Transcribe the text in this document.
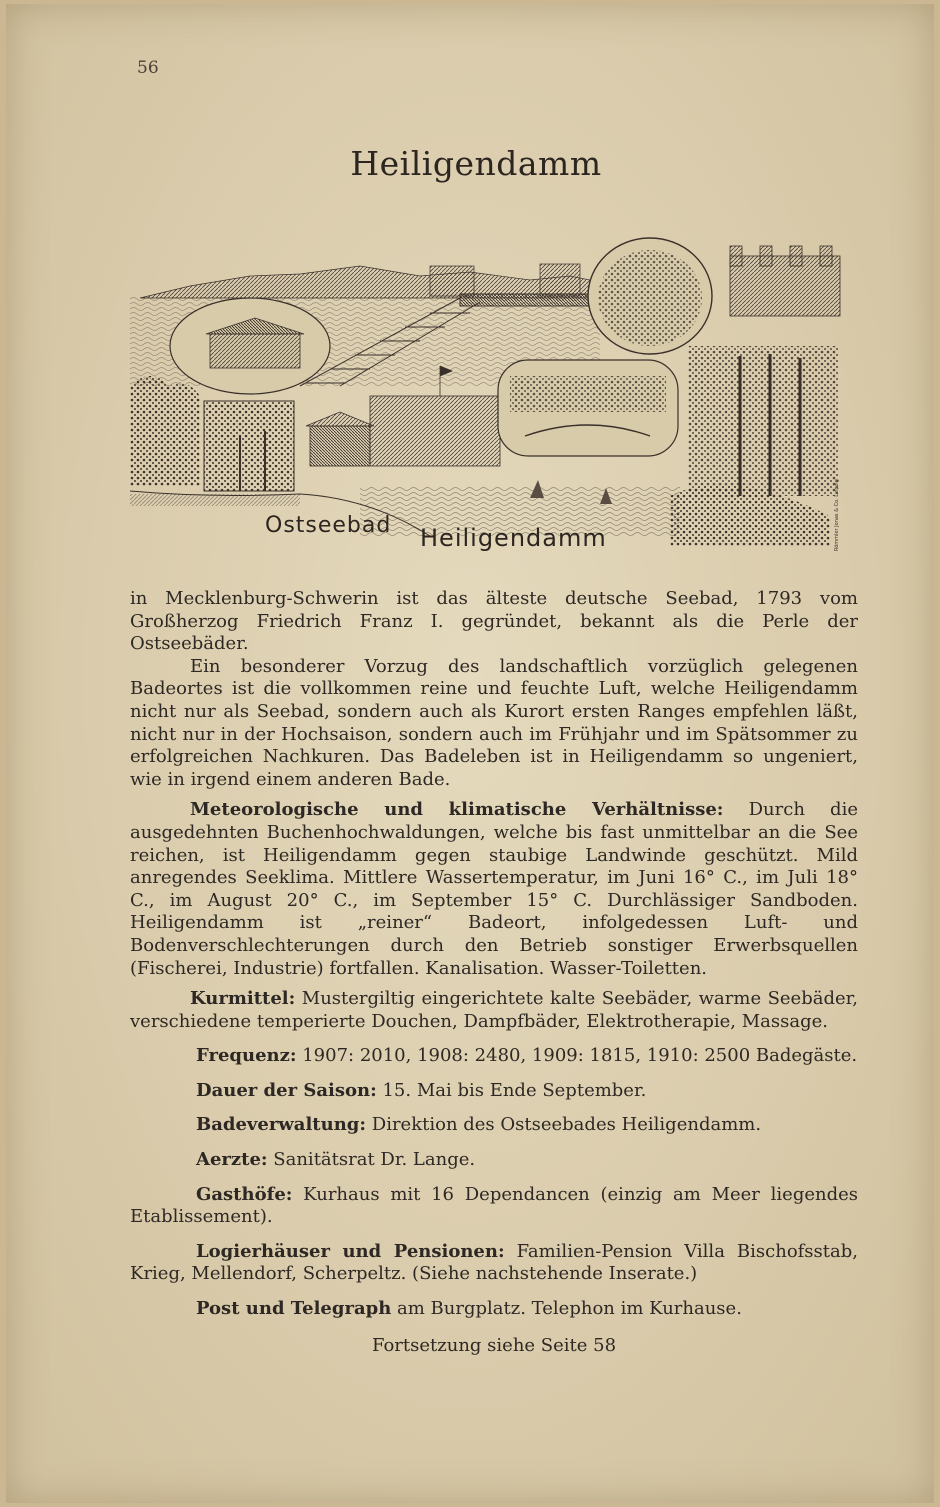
56
Heiligendamm
Ostseebad Heiligendamm	Römmler Jonas & Co. Leipzig

in Mecklenburg-Schwerin ist das älteste deutsche Seebad, 1793 vom Großherzog Friedrich Franz I. gegründet, bekannt als die Perle der Ostseebäder.

Ein besonderer Vorzug des landschaftlich vorzüglich gelegenen Badeortes ist die vollkommen reine und feuchte Luft, welche Heiligendamm nicht nur als Seebad, sondern auch als Kurort ersten Ranges empfehlen läßt, nicht nur in der Hochsaison, sondern auch im Frühjahr und im Spätsommer zu erfolgreichen Nachkuren. Das Badeleben ist in Heiligendamm so ungeniert, wie in irgend einem anderen Bade.

Meteorologische und klimatische Verhältnisse: Durch die ausgedehnten Buchenhochwaldungen, welche bis fast unmittelbar an die See reichen, ist Heiligendamm gegen staubige Landwinde geschützt. Mild anregendes Seeklima. Mittlere Wassertemperatur, im Juni 16° C., im Juli 18° C., im August 20° C., im September 15° C. Durchlässiger Sandboden. Heiligendamm ist „reiner“ Badeort, infolgedessen Luft- und Bodenverschlechterungen durch den Betrieb sonstiger Erwerbsquellen (Fischerei, Industrie) fortfallen. Kanalisation. Wasser-Toiletten.

Kurmittel: Mustergiltig eingerichtete kalte Seebäder, warme Seebäder, verschiedene temperierte Douchen, Dampfbäder, Elektrotherapie, Massage.

Frequenz: 1907: 2010, 1908: 2480, 1909: 1815, 1910: 2500 Badegäste.

Dauer der Saison: 15. Mai bis Ende September.

Badeverwaltung: Direktion des Ostseebades Heiligendamm.

Aerzte: Sanitätsrat Dr. Lange.

Gasthöfe: Kurhaus mit 16 Dependancen (einzig am Meer liegendes Etablissement).

Logierhäuser und Pensionen: Familien-Pension Villa Bischofsstab, Krieg, Mellendorf, Scherpeltz. (Siehe nachstehende Inserate.)

Post und Telegraph am Burgplatz. Telephon im Kurhause.

Fortsetzung siehe Seite 58
